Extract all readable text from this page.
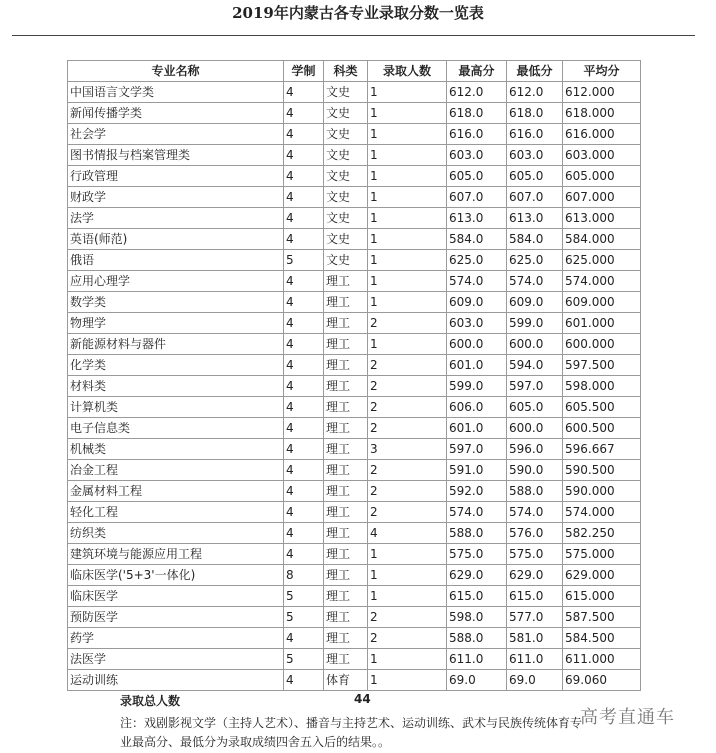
2019年内蒙古各专业录取分数一览表
专业名称	学制	科类	录取人数	最高分	最低分	平均分
中国语言文学类	4	文史	1	612.0	612.0	612.000
新闻传播学类	4	文史	1	618.0	618.0	618.000
社会学	4	文史	1	616.0	616.0	616.000
图书情报与档案管理类	4	文史	1	603.0	603.0	603.000
行政管理	4	文史	1	605.0	605.0	605.000
财政学	4	文史	1	607.0	607.0	607.000
法学	4	文史	1	613.0	613.0	613.000
英语(师范)	4	文史	1	584.0	584.0	584.000
俄语	5	文史	1	625.0	625.0	625.000
应用心理学	4	理工	1	574.0	574.0	574.000
数学类	4	理工	1	609.0	609.0	609.000
物理学	4	理工	2	603.0	599.0	601.000
新能源材料与器件	4	理工	1	600.0	600.0	600.000
化学类	4	理工	2	601.0	594.0	597.500
材料类	4	理工	2	599.0	597.0	598.000
计算机类	4	理工	2	606.0	605.0	605.500
电子信息类	4	理工	2	601.0	600.0	600.500
机械类	4	理工	3	597.0	596.0	596.667
冶金工程	4	理工	2	591.0	590.0	590.500
金属材料工程	4	理工	2	592.0	588.0	590.000
轻化工程	4	理工	2	574.0	574.0	574.000
纺织类	4	理工	4	588.0	576.0	582.250
建筑环境与能源应用工程	4	理工	1	575.0	575.0	575.000
临床医学('5+3'一体化)	8	理工	1	629.0	629.0	629.000
临床医学	5	理工	1	615.0	615.0	615.000
预防医学	5	理工	2	598.0	577.0	587.500
药学	4	理工	2	588.0	581.0	584.500
法医学	5	理工	1	611.0	611.0	611.000
运动训练	4	体育	1	69.0	69.0	69.060
录取总人数	44
注：戏剧影视文学（主持人艺术）、播音与主持艺术、运动训练、武术与民族传统体育专业最高分、最低分为录取成绩四舍五入后的结果。。
高考直通车
